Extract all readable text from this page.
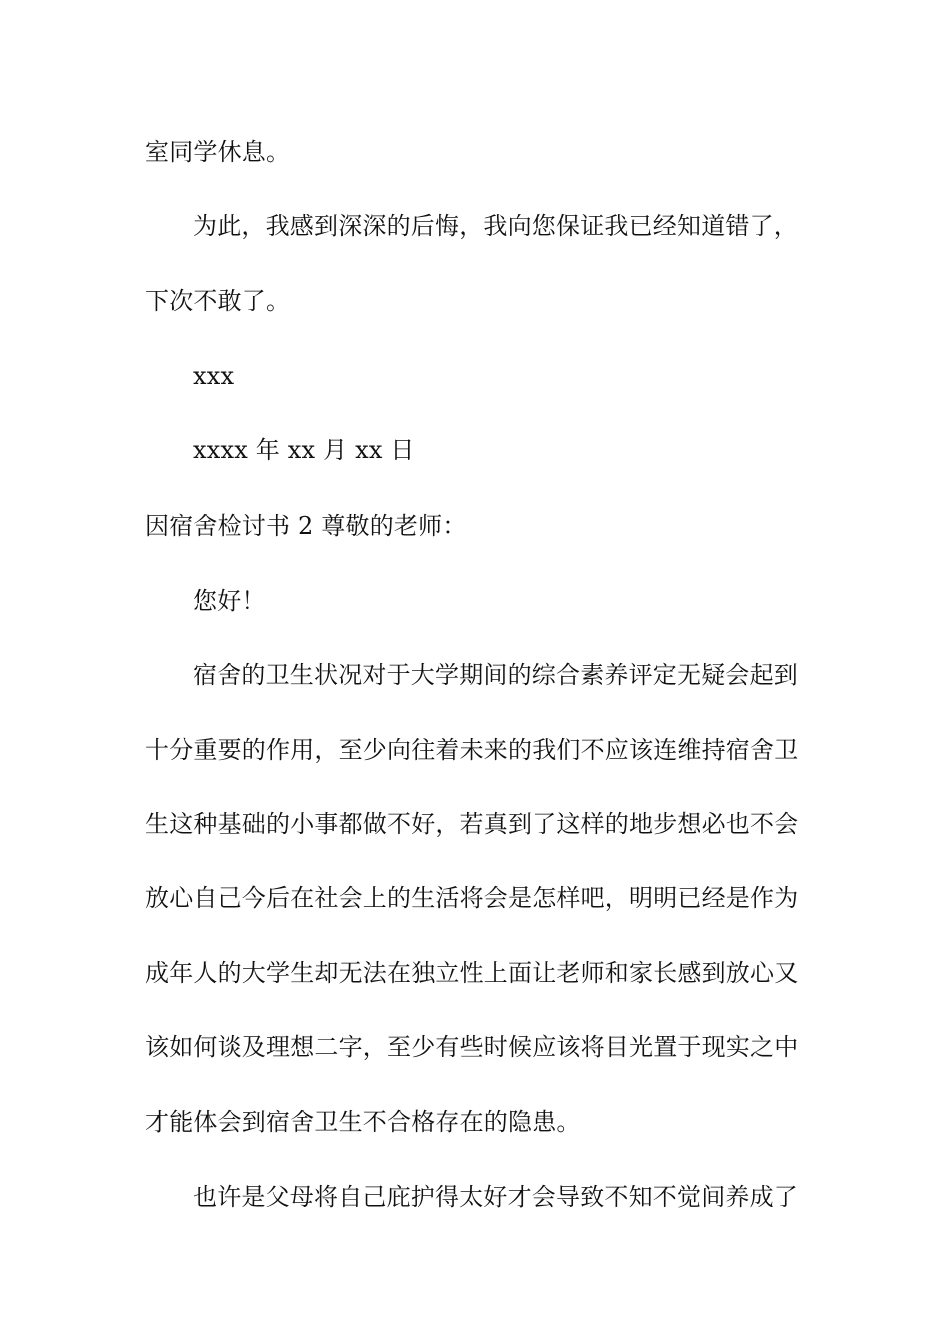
室同学休息。
为此，我感到深深的后悔，我向您保证我已经知道错了，
下次不敢了。
xxx
xxxx 年 xx 月 xx 日
因宿舍检讨书 2 尊敬的老师：
您好！
宿舍的卫生状况对于大学期间的综合素养评定无疑会起到
十分重要的作用，至少向往着未来的我们不应该连维持宿舍卫
生这种基础的小事都做不好，若真到了这样的地步想必也不会
放心自己今后在社会上的生活将会是怎样吧，明明已经是作为
成年人的大学生却无法在独立性上面让老师和家长感到放心又
该如何谈及理想二字，至少有些时候应该将目光置于现实之中
才能体会到宿舍卫生不合格存在的隐患。
也许是父母将自己庇护得太好才会导致不知不觉间养成了
